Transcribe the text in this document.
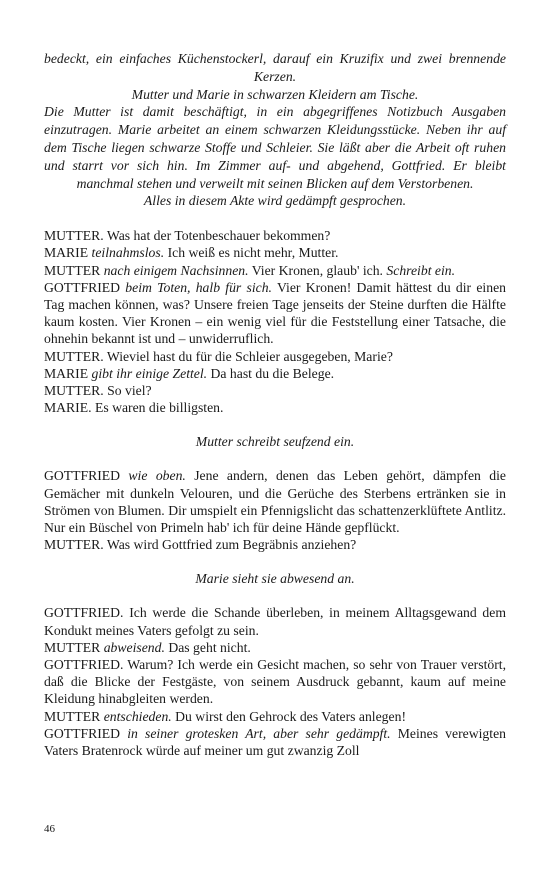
bedeckt, ein einfaches Küchenstockerl, darauf ein Kruzifix und zwei brennende Kerzen.

Mutter und Marie in schwarzen Kleidern am Tische.

Die Mutter ist damit beschäftigt, in ein abgegriffenes Notizbuch Ausgaben einzutragen. Marie arbeitet an einem schwarzen Kleidungsstücke. Neben ihr auf dem Tische liegen schwarze Stoffe und Schleier. Sie läßt aber die Arbeit oft ruhen und starrt vor sich hin. Im Zimmer auf- und abgehend, Gottfried. Er bleibt manchmal stehen und verweilt mit seinen Blicken auf dem Verstorbenen.

Alles in diesem Akte wird gedämpft gesprochen.

MUTTER. Was hat der Totenbeschauer bekommen?

MARIE teilnahmslos. Ich weiß es nicht mehr, Mutter.

MUTTER nach einigem Nachsinnen. Vier Kronen, glaub' ich. Schreibt ein.

GOTTFRIED beim Toten, halb für sich. Vier Kronen! Damit hättest du dir einen Tag machen können, was? Unsere freien Tage jenseits der Steine durften die Hälfte kaum kosten. Vier Kronen – ein wenig viel für die Feststellung einer Tatsache, die ohnehin bekannt ist und – unwiderruflich.

MUTTER. Wieviel hast du für die Schleier ausgegeben, Marie?

MARIE gibt ihr einige Zettel. Da hast du die Belege.

MUTTER. So viel?

MARIE. Es waren die billigsten.

Mutter schreibt seufzend ein.

GOTTFRIED wie oben. Jene andern, denen das Leben gehört, dämpfen die Gemächer mit dunkeln Velouren, und die Gerüche des Sterbens ertränken sie in Strömen von Blumen. Dir umspielt ein Pfennigslicht das schattenzerklüftete Antlitz. Nur ein Büschel von Primeln hab' ich für deine Hände gepflückt.

MUTTER. Was wird Gottfried zum Begräbnis anziehen?

Marie sieht sie abwesend an.

GOTTFRIED. Ich werde die Schande überleben, in meinem Alltagsgewand dem Kondukt meines Vaters gefolgt zu sein.

MUTTER abweisend. Das geht nicht.

GOTTFRIED. Warum? Ich werde ein Gesicht machen, so sehr von Trauer verstört, daß die Blicke der Festgäste, von seinem Ausdruck gebannt, kaum auf meine Kleidung hinabgleiten werden.

MUTTER entschieden. Du wirst den Gehrock des Vaters anlegen!

GOTTFRIED in seiner grotesken Art, aber sehr gedämpft. Meines verewigten Vaters Bratenrock würde auf meiner um gut zwanzig Zoll

46
